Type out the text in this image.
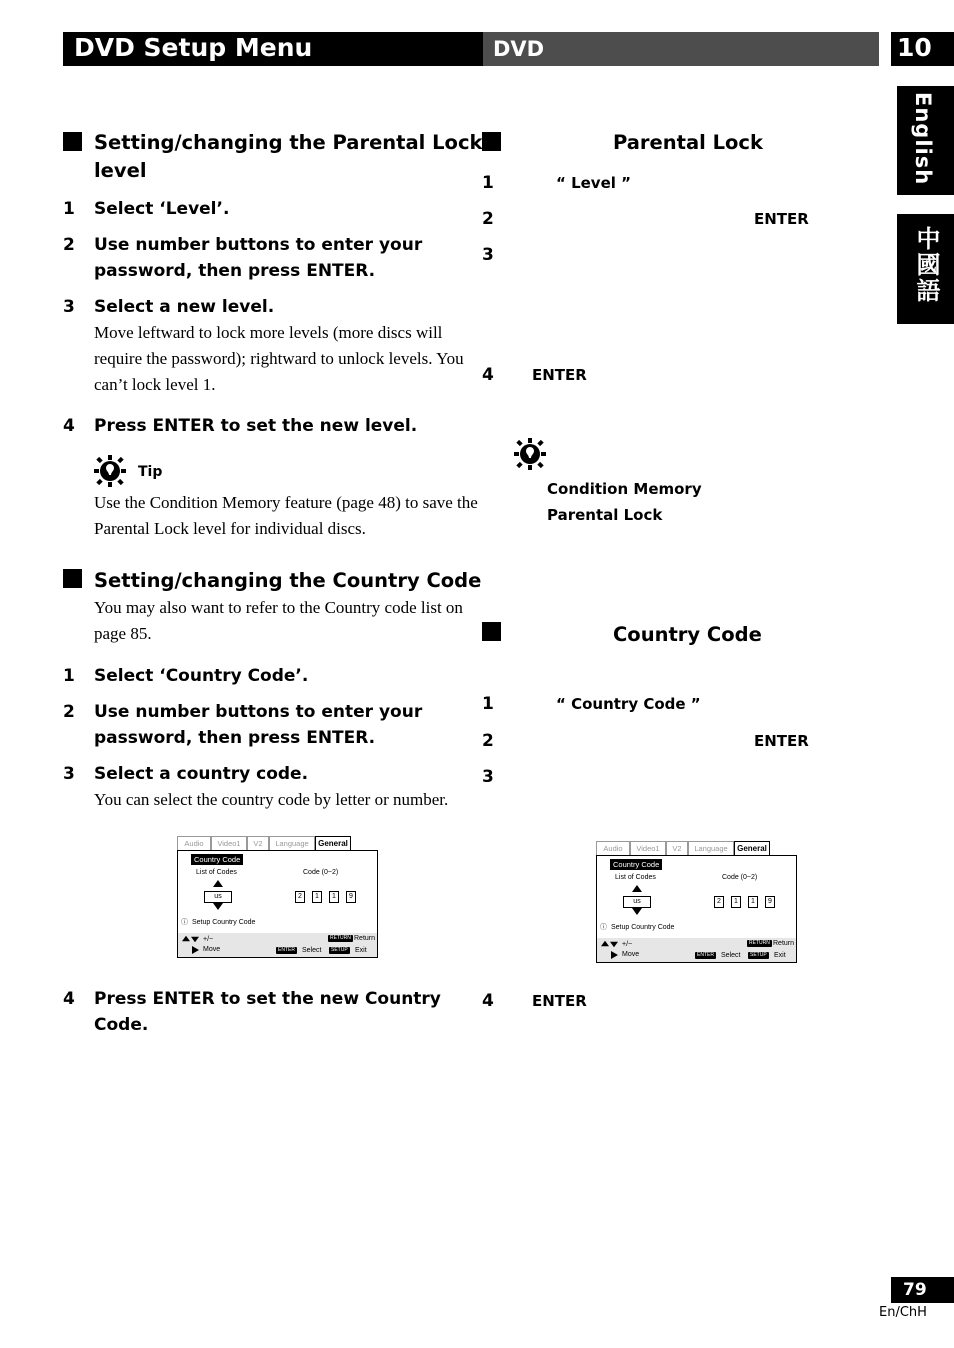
DVD Setup Menu	DVD	10
English
中國語
Setting/changing the Parental Lock
level
1 Select ‘Level’.
2 Use number buttons to enter your
password, then press ENTER.
3 Select a new level.
Move leftward to lock more levels (more discs will
require the password); rightward to unlock levels. You
can’t lock level 1.
4 Press ENTER to set the new level.
Tip
Use the Condition Memory feature (page 48) to save the
Parental Lock level for individual discs.
Setting/changing the Country Code
You may also want to refer to the Country code list on
page 85.
1 Select ‘Country Code’.
2 Use number buttons to enter your
password, then press ENTER.
3 Select a country code.
You can select the country code by letter or number.
Audio	Video1	V2	Language	General
Country Code
List of Codes	Code (0~2)
us	2	1	1	9
ⓘ Setup Country Code
+/−
Move	ENTER Select
RETURN Return
SETUP Exit
4 Press ENTER to set the new Country
Code.
Parental Lock
1	“ Level ”
2	ENTER
3
4	ENTER
Condition Memory
Parental Lock
Country Code
1	“ Country Code ”
2	ENTER
3
Audio	Video1	V2	Language	General
Country Code
List of Codes	Code (0~2)
us	2	1	1	9
ⓘ Setup Country Code
+/−
Move	ENTER Select
RETURN Return
SETUP Exit
4	ENTER
79
En/ChH
